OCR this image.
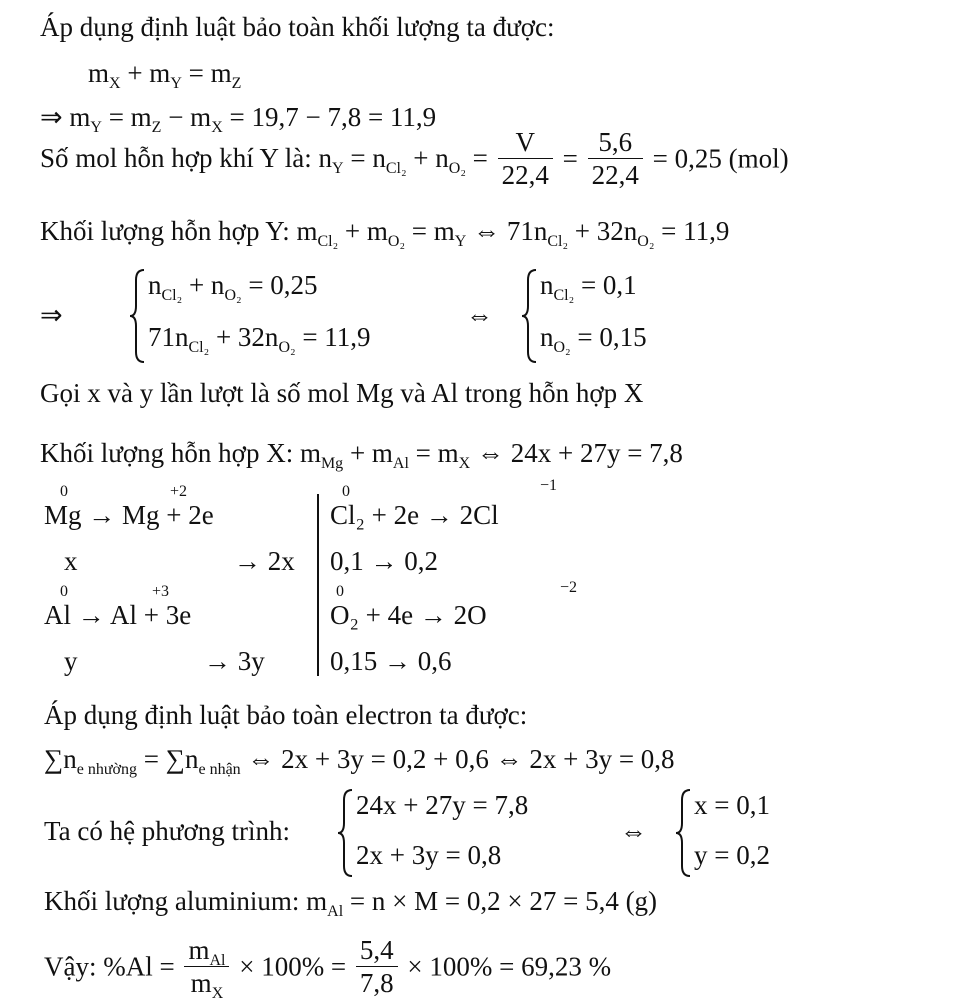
Áp dụng định luật bảo toàn khối lượng ta được:
$m_X + m_Y = m_Z$
⇒ $m_Y = m_Z - m_X = 19,7 - 7,8 = 11,9$
Số mol hỗn hợp khí Y là: $n_Y = n_{Cl_2} + n_{O_2} = \frac{V}{22,4} = \frac{5,6}{22,4} = 0,25$ (mol)
Khối lượng hỗn hợp Y: $m_{Cl_2} + m_{O_2} = m_Y$ ⇔ $71n_{Cl_2} + 32n_{O_2} = 11,9$
⇒
$n_{Cl_2} + n_{O_2} = 0,25$
$71n_{Cl_2} + 32n_{O_2} = 11,9$
⇔
$n_{Cl_2} = 0,1$
$n_{O_2} = 0,15$
Gọi x và y lần lượt là số mol Mg và Al trong hỗn hợp X
Khối lượng hỗn hợp X: $m_{Mg} + m_{Al} = m_X$ ⇔ 24x + 27y = 7,8
0	+2	0	−1
Mg → Mg + 2e	Cl₂ + 2e → 2Cl
x	→ 2x 0,1 → 0,2
0	+3	0	−2
Al → Al + 3e	O₂ + 4e → 2O
y	→ 3y 0,15 → 0,6
Áp dụng định luật bảo toàn electron ta được:
$\sum n_{e nhường} = \sum n_{e nhận}$ ⇔ 2x + 3y = 0,2 + 0,6 ⇔ 2x + 3y = 0,8
Ta có hệ phương trình:
24x + 27y = 7,8
2x + 3y = 0,8
⇔
x = 0,1
y = 0,2
Khối lượng aluminium: $m_{Al} = n \times M = 0,2 \times 27 = 5,4$ (g)
Vậy: $\%Al = \frac{m_{Al}}{m_X} \times 100\% = \frac{5,4}{7,8} \times 100\% = 69,23$ %
